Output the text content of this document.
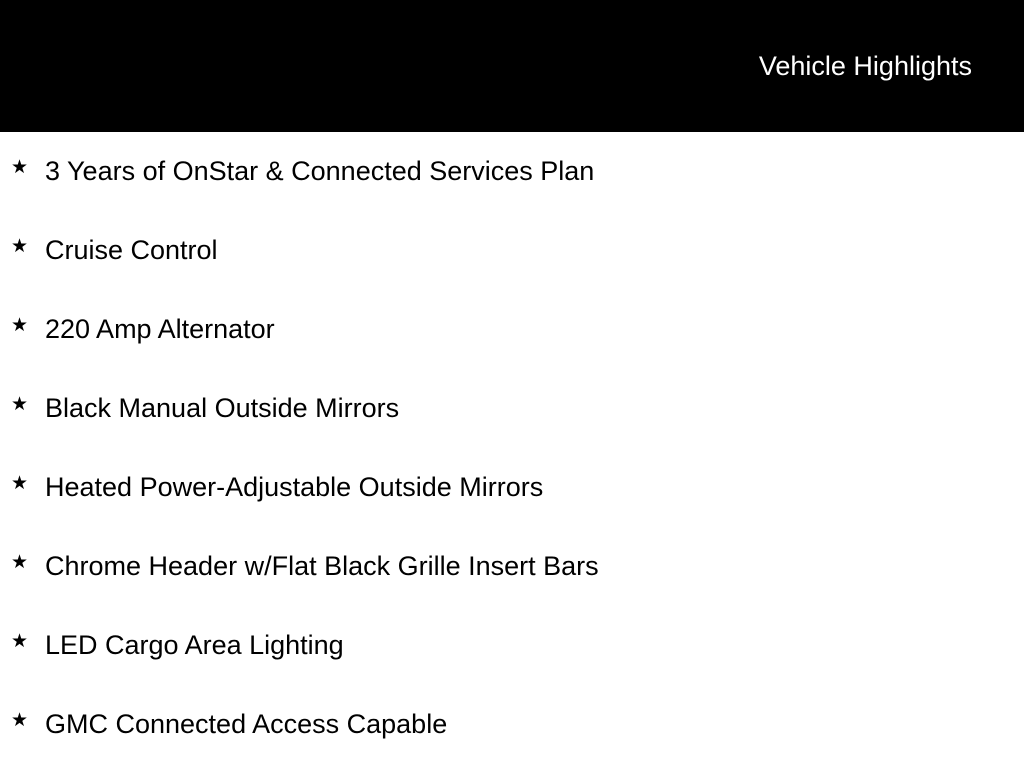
Vehicle Highlights
★ 3 Years of OnStar & Connected Services Plan
★ Cruise Control
★ 220 Amp Alternator
★ Black Manual Outside Mirrors
★ Heated Power-Adjustable Outside Mirrors
★ Chrome Header w/Flat Black Grille Insert Bars
★ LED Cargo Area Lighting
★ GMC Connected Access Capable
